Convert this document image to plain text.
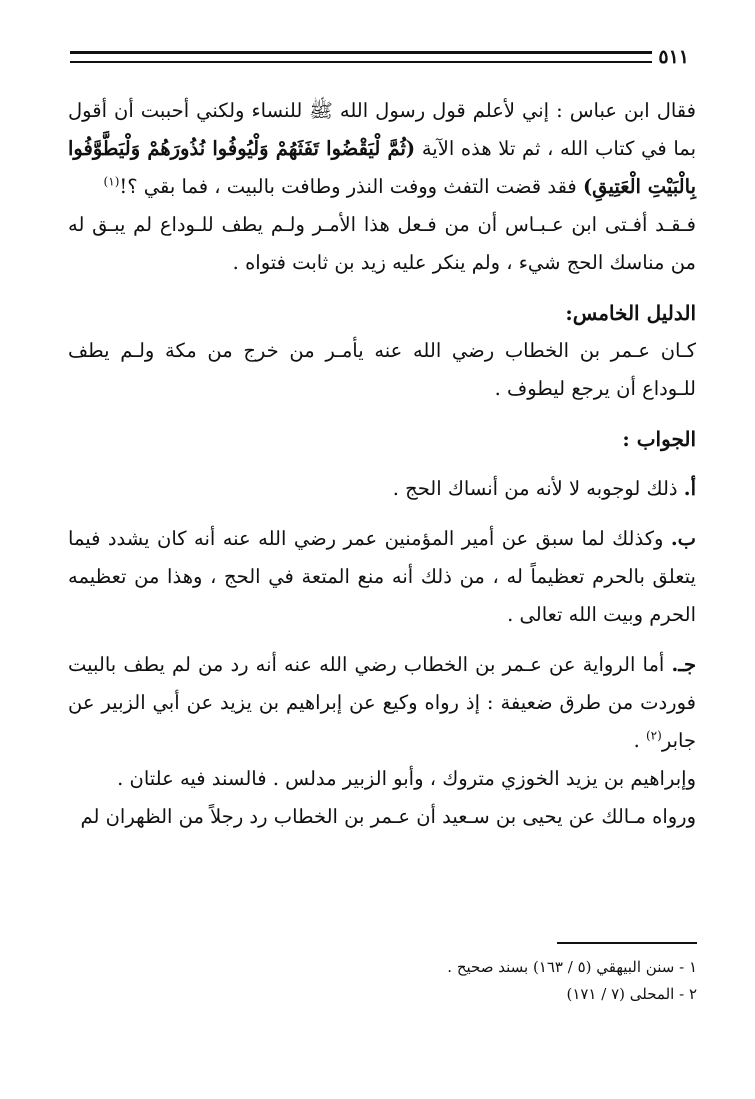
٥١١

فقال ابن عباس : إني لأعلم قول رسول الله ﷺ للنساء ولكني أحببت أن أقول بما في كتاب الله ، ثم تلا هذه الآية (ثُمَّ لْيَقْضُوا تَفَثَهُمْ وَلْيُوفُوا نُذُورَهُمْ وَلْيَطَّوَّفُوا بِالْبَيْتِ الْعَتِيقِ) فقد قضت التفث ووفت النذر وطافت بالبيت ، فما بقي ؟!$^{(١)}$

فـقـد أفـتى ابن عـبـاس أن من فـعل هذا الأمـر ولـم يطف للـوداع لم يبـق له من مناسك الحج شيء ، ولم ينكر عليه زيد بن ثابت فتواه .

الدليل الخامس:

كـان عـمر بن الخطاب رضي الله عنه يأمـر من خرج من مكة ولـم يطف للـوداع أن يرجع ليطوف .

الجواب :

أ. ذلك لوجوبه لا لأنه من أنساك الحج .

ب. وكذلك لما سبق عن أمير المؤمنين عمر رضي الله عنه أنه كان يشدد فيما يتعلق بالحرم تعظيماً له ، من ذلك أنه منع المتعة في الحج ، وهذا من تعظيمه الحرم وبيت الله تعالى .

جـ. أما الرواية عن عـمر بن الخطاب رضي الله عنه أنه رد من لم يطف بالبيت فوردت من طرق ضعيفة : إذ رواه وكيع عن إبراهيم بن يزيد عن أبي الزبير عن جابر$^{(٢)}$ .

وإبراهيم بن يزيد الخوزي متروك ، وأبو الزبير مدلس . فالسند فيه علتان .

ورواه مـالك عن يحيى بن سـعيد أن عـمر بن الخطاب رد رجلاً من الظهران لم

١ - سنن البيهقي (٥ / ١٦٣) بسند صحيح .

٢ - المحلى (٧ / ١٧١)
